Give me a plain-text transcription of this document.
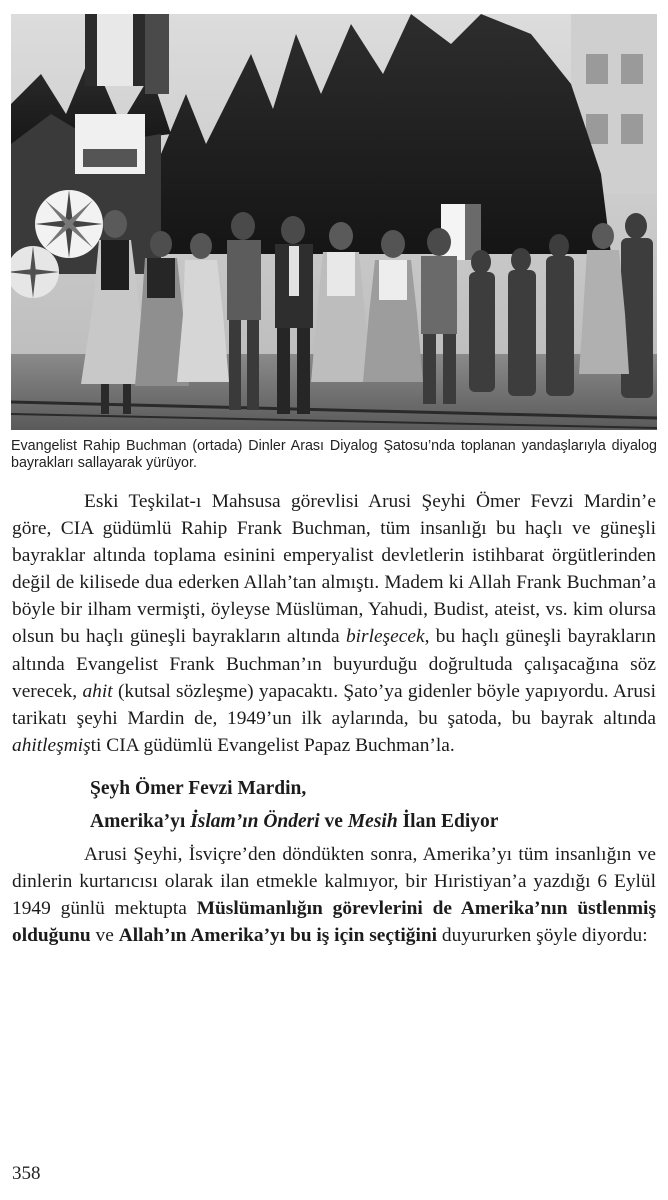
Evangelist Rahip Buchman (ortada) Dinler Arası Diyalog Şatosu’nda toplanan yandaşlarıyla diyalog bayrakları sallayarak yürüyor.

Eski Teşkilat-ı Mahsusa görevlisi Arusi Şeyhi Ömer Fevzi Mardin’e göre, CIA güdümlü Rahip Frank Buchman, tüm insanlığı bu haçlı ve güneşli bayraklar altında toplama esinini emperyalist devletlerin istihbarat örgütlerinden değil de kilisede dua ederken Allah’tan almıştı. Madem ki Allah Frank Buchman’a böyle bir ilham vermişti, öyleyse Müslüman, Yahudi, Budist, ateist, vs. kim olursa olsun bu haçlı güneşli bayrakların altında birleşecek, bu haçlı güneşli bayrakların altında Evangelist Frank Buchman’ın buyurduğu doğrultuda çalışacağına söz verecek, ahit (kutsal sözleşme) yapacaktı. Şato’ya gidenler böyle yapıyordu. Arusi tarikatı şeyhi Mardin de, 1949’un ilk aylarında, bu şatoda, bu bayrak altında ahitleşmişti CIA güdümlü Evangelist Papaz Buchman’la.

Şeyh Ömer Fevzi Mardin,

Amerika’yı İslam’ın Önderi ve Mesih İlan Ediyor

Arusi Şeyhi, İsviçre’den döndükten sonra, Amerika’yı tüm insanlığın ve dinlerin kurtarıcısı olarak ilan etmekle kalmıyor, bir Hıristiyan’a yazdığı 6 Eylül 1949 günlü mektupta Müslümanlığın görevlerini de Amerika’nın üstlenmiş olduğunu ve Allah’ın Amerika’yı bu iş için seçtiğini duyururken şöyle diyordu:

358
